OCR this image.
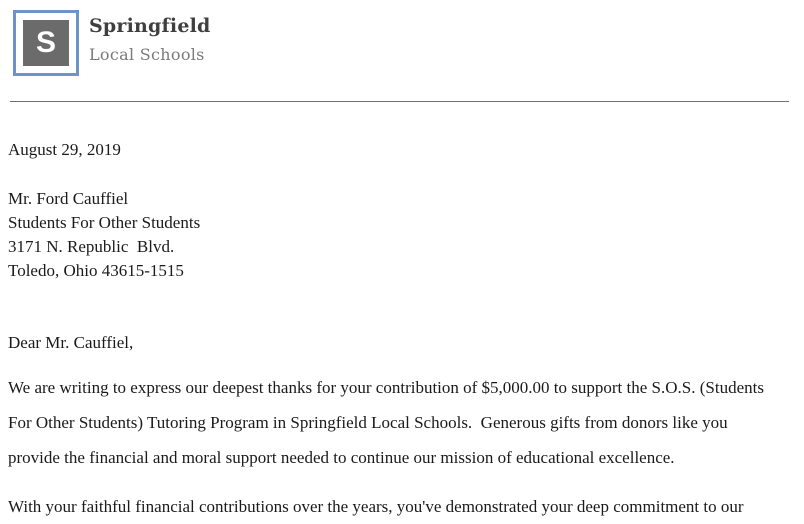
S	Springfield
Local Schools
August 29, 2019
Mr. Ford Cauffiel
Students For Other Students
3171 N. Republic  Blvd.
Toledo, Ohio 43615-1515
Dear Mr. Cauffiel,
We are writing to express our deepest thanks for your contribution of $5,000.00 to support the S.O.S. (Students
For Other Students) Tutoring Program in Springfield Local Schools.  Generous gifts from donors like you
provide the financial and moral support needed to continue our mission of educational excellence.
With your faithful financial contributions over the years, you've demonstrated your deep commitment to our
